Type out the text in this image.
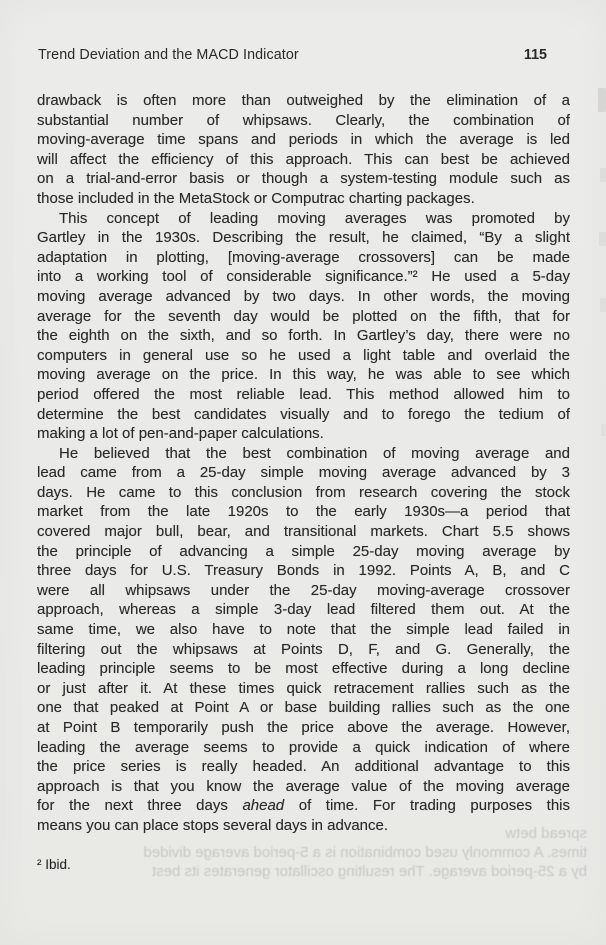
Trend Deviation and the MACD Indicator	115
drawback is often more than outweighed by the elimination of a
substantial number of whipsaws. Clearly, the combination of
moving-average time spans and periods in which the average is led
will affect the efficiency of this approach. This can best be achieved
on a trial-and-error basis or though a system-testing module such as
those included in the MetaStock or Computrac charting packages.
This concept of leading moving averages was promoted by
Gartley in the 1930s. Describing the result, he claimed, “By a slight
adaptation in plotting, [moving-average crossovers] can be made
into a working tool of considerable significance.”² He used a 5-day
moving average advanced by two days. In other words, the moving
average for the seventh day would be plotted on the fifth, that for
the eighth on the sixth, and so forth. In Gartley’s day, there were no
computers in general use so he used a light table and overlaid the
moving average on the price. In this way, he was able to see which
period offered the most reliable lead. This method allowed him to
determine the best candidates visually and to forego the tedium of
making a lot of pen-and-paper calculations.
He believed that the best combination of moving average and
lead came from a 25-day simple moving average advanced by 3
days. He came to this conclusion from research covering the stock
market from the late 1920s to the early 1930s—a period that
covered major bull, bear, and transitional markets. Chart 5.5 shows
the principle of advancing a simple 25-day moving average by
three days for U.S. Treasury Bonds in 1992. Points A, B, and C
were all whipsaws under the 25-day moving-average crossover
approach, whereas a simple 3-day lead filtered them out. At the
same time, we also have to note that the simple lead failed in
filtering out the whipsaws at Points D, F, and G. Generally, the
leading principle seems to be most effective during a long decline
or just after it. At these times quick retracement rallies such as the
one that peaked at Point A or base building rallies such as the one
at Point B temporarily push the price above the average. However,
leading the average seems to provide a quick indication of where
the price series is really headed. An additional advantage to this
approach is that you know the average value of the moving average
for the next three days ahead of time. For trading purposes this
means you can place stops several days in advance.
² Ibid.
spread betw
times. A commonly used combination is a 5-period average divided
by a 25-period average. The resulting oscillator generates its best
